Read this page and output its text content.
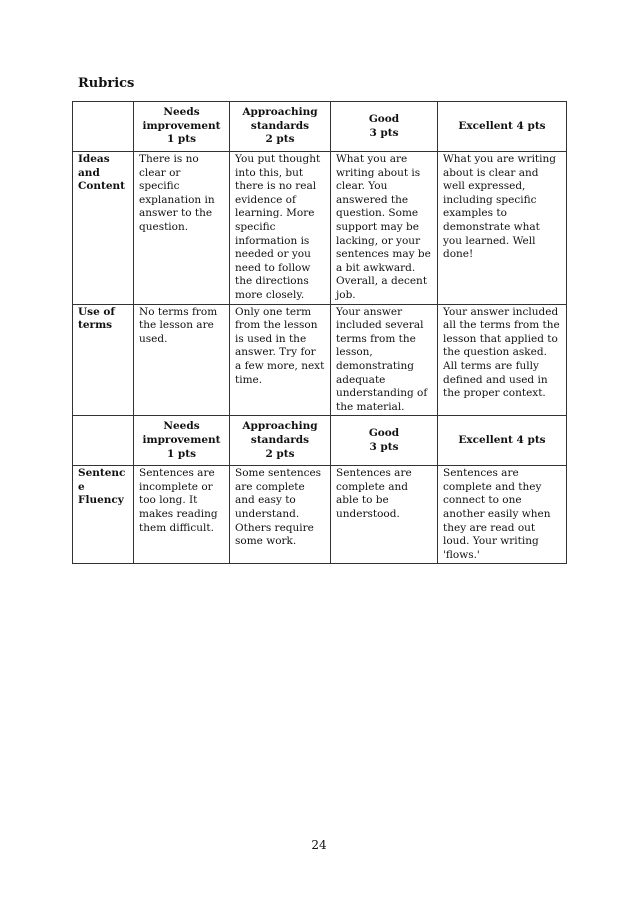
Rubrics
	Needs
improvement
1 pts	Approaching
standards
2 pts	Good
3 pts	Excellent 4 pts
Ideas
and
Content	There is no clear or specific explanation in answer to the question.	You put thought into this, but there is no real evidence of learning. More specific information is needed or you need to follow the directions more closely.	What you are writing about is clear. You answered the question. Some support may be lacking, or your sentences may be a bit awkward. Overall, a decent job.	What you are writing about is clear and well expressed, including specific examples to demonstrate what you learned. Well done!
Use of
terms	No terms from the lesson are used.	Only one term from the lesson is used in the answer. Try for a few more, next time.	Your answer included several terms from the lesson, demonstrating adequate understanding of the material.	Your answer included all the terms from the lesson that applied to the question asked. All terms are fully defined and used in the proper context.
	Needs
improvement
1 pts	Approaching
standards
2 pts	Good
3 pts	Excellent 4 pts
Sentence
Fluency	Sentences are incomplete or too long. It makes reading them difficult.	Some sentences are complete and easy to understand. Others require some work.	Sentences are complete and able to be understood.	Sentences are complete and they connect to one another easily when they are read out loud. Your writing 'flows.'
24
